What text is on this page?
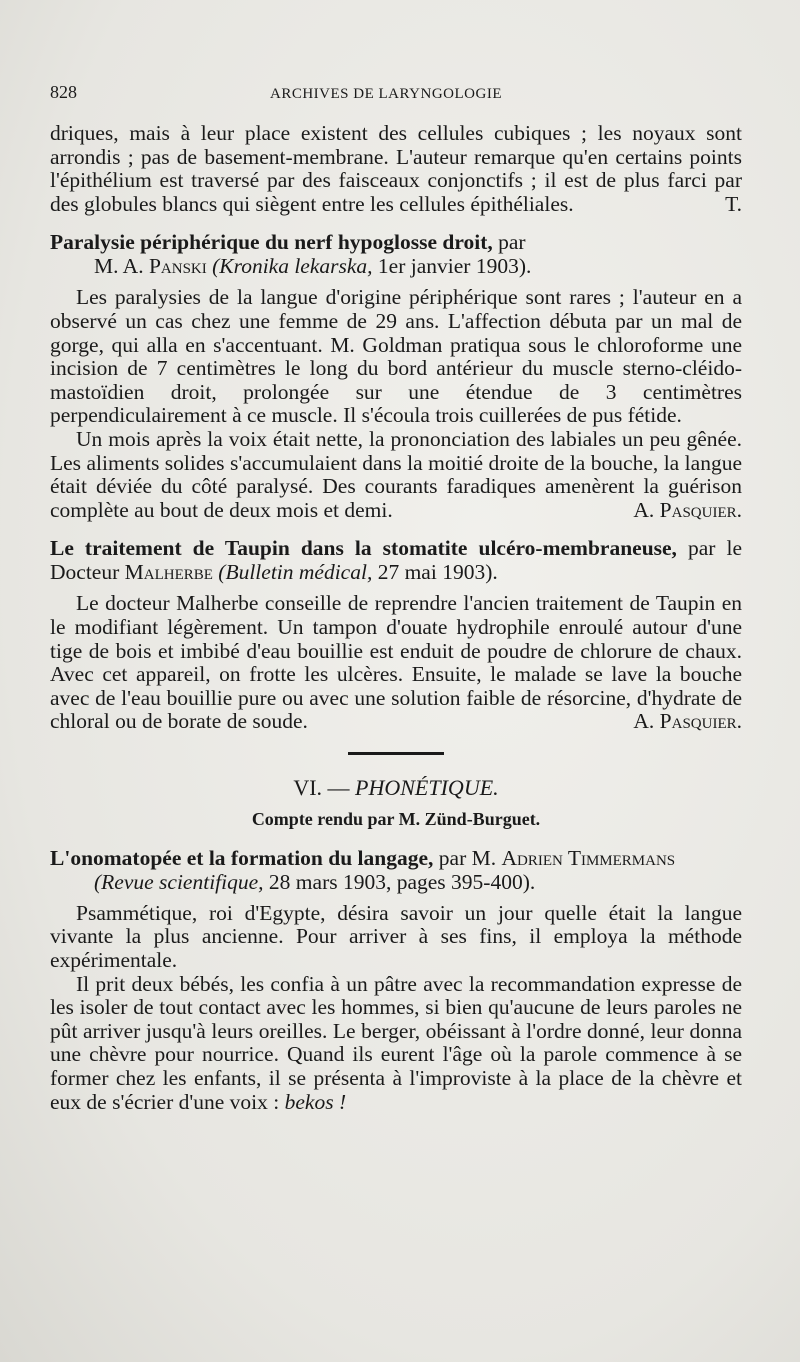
828	ARCHIVES DE LARYNGOLOGIE

driques, mais à leur place existent des cellules cubiques ; les noyaux sont arrondis ; pas de basement-membrane. L'auteur remarque qu'en certains points l'épithélium est traversé par des faisceaux conjonctifs ; il est de plus farci par des globules blancs qui siègent entre les cellules épithéliales.	T.

Paralysie périphérique du nerf hypoglosse droit, par
M. A. Panski (Kronika lekarska, 1er janvier 1903).

Les paralysies de la langue d'origine périphérique sont rares ; l'auteur en a observé un cas chez une femme de 29 ans. L'affection débuta par un mal de gorge, qui alla en s'accentuant. M. Goldman pratiqua sous le chloroforme une incision de 7 centimètres le long du bord antérieur du muscle sterno-cléido-mastoïdien droit, prolongée sur une étendue de 3 centimètres perpendiculairement à ce muscle. Il s'écoula trois cuillerées de pus fétide.

Un mois après la voix était nette, la prononciation des labiales un peu gênée. Les aliments solides s'accumulaient dans la moitié droite de la bouche, la langue était déviée du côté paralysé. Des courants faradiques amenèrent la guérison complète au bout de deux mois et demi.	A. Pasquier.

Le traitement de Taupin dans la stomatite ulcéro-membraneuse, par le Docteur Malherbe (Bulletin médical, 27 mai 1903).

Le docteur Malherbe conseille de reprendre l'ancien traitement de Taupin en le modifiant légèrement. Un tampon d'ouate hydrophile enroulé autour d'une tige de bois et imbibé d'eau bouillie est enduit de poudre de chlorure de chaux. Avec cet appareil, on frotte les ulcères. Ensuite, le malade se lave la bouche avec de l'eau bouillie pure ou avec une solution faible de résorcine, d'hydrate de chloral ou de borate de soude.	A. Pasquier.

VI. — PHONÉTIQUE.
Compte rendu par M. Zünd-Burguet.
L'onomatopée et la formation du langage, par M. Adrien Timmermans
(Revue scientifique, 28 mars 1903, pages 395-400).

Psammétique, roi d'Egypte, désira savoir un jour quelle était la langue vivante la plus ancienne. Pour arriver à ses fins, il employa la méthode expérimentale.

Il prit deux bébés, les confia à un pâtre avec la recommandation expresse de les isoler de tout contact avec les hommes, si bien qu'aucune de leurs paroles ne pût arriver jusqu'à leurs oreilles. Le berger, obéissant à l'ordre donné, leur donna une chèvre pour nourrice. Quand ils eurent l'âge où la parole commence à se former chez les enfants, il se présenta à l'improviste à la place de la chèvre et eux de s'écrier d'une voix : bekos !
